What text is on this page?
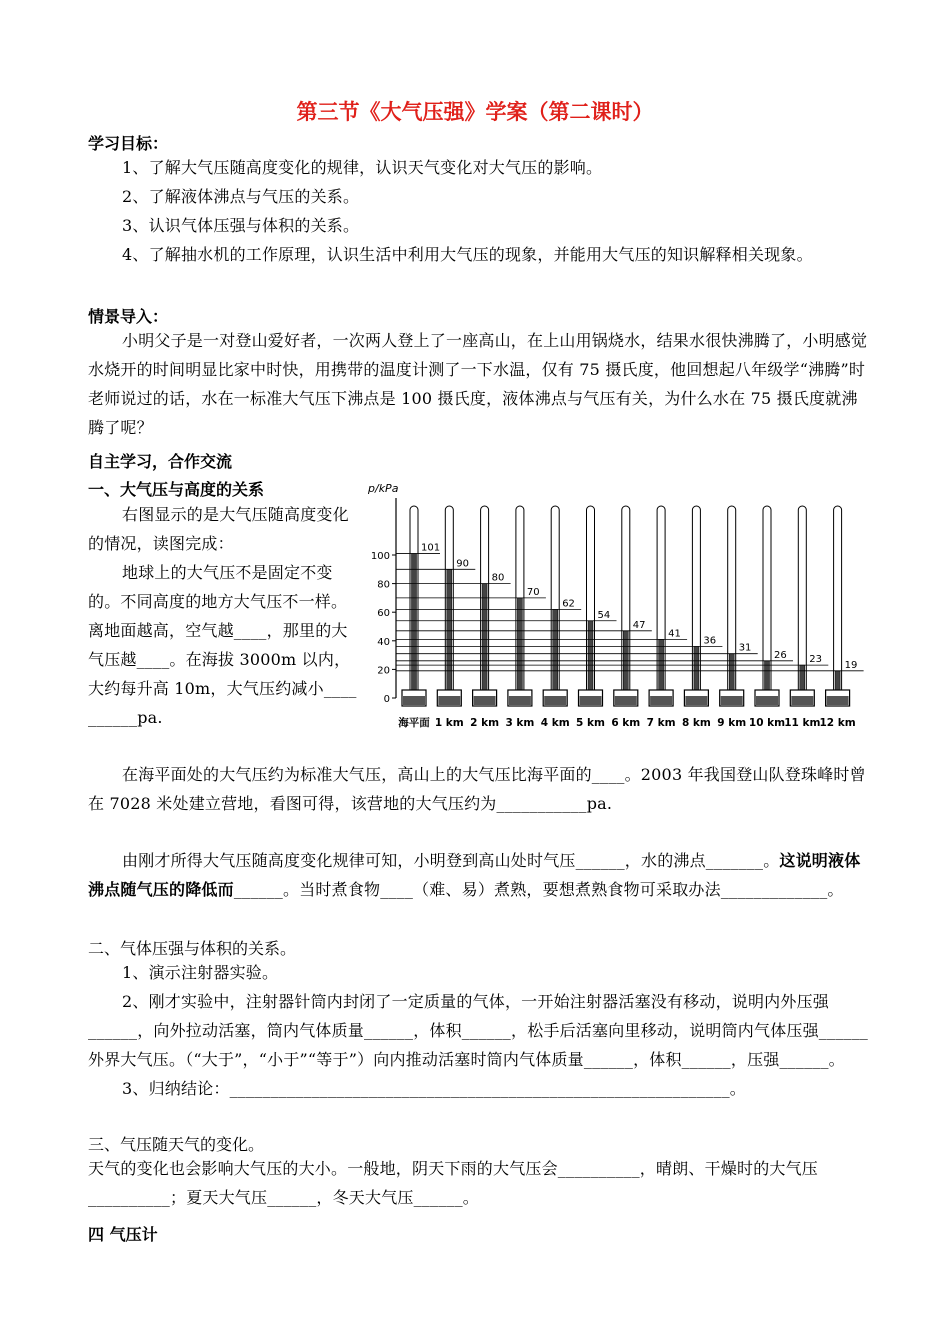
第三节《大气压强》学案（第二课时）
学习目标：
1、了解大气压随高度变化的规律，认识天气变化对大气压的影响。
2、了解液体沸点与气压的关系。
3、认识气体压强与体积的关系。
4、了解抽水机的工作原理，认识生活中利用大气压的现象，并能用大气压的知识解释相关现象。
情景导入：
小明父子是一对登山爱好者，一次两人登上了一座高山，在上山用锅烧水，结果水很快沸腾了，小明感觉水烧开的时间明显比家中时快，用携带的温度计测了一下水温，仅有 75 摄氏度，他回想起八年级学“沸腾”时老师说过的话，水在一标准大气压下沸点是 100 摄氏度，液体沸点与气压有关，为什么水在 75 摄氏度就沸腾了呢？
自主学习，合作交流
一、大气压与高度的关系
右图显示的是大气压随高度变化的情况，读图完成：
地球上的大气压不是固定不变的。不同高度的地方大气压不一样。离地面越高，空气越____，那里的大气压越____。在海拔 3000m 以内，大约每升高 10m，大气压约减小__________pa.
p/kPa
0
20
40
60
80
100
101
海平面
90
1 km
80
2 km
70
3 km
62
4 km
54
5 km
47
6 km
41
7 km
36
8 km
31
9 km
26
10 km
23
11 km
19
12 km
在海平面处的大气压约为标准大气压，高山上的大气压比海平面的____。2003 年我国登山队登珠峰时曾在 7028 米处建立营地，看图可得，该营地的大气压约为___________pa.
由刚才所得大气压随高度变化规律可知，小明登到高山处时气压______，水的沸点_______。这说明液体沸点随气压的降低而______。当时煮食物____（难、易）煮熟，要想煮熟食物可采取办法_____________。
二、气体压强与体积的关系。
1、演示注射器实验。
2、刚才实验中，注射器针筒内封闭了一定质量的气体，一开始注射器活塞没有移动，说明内外压强______，向外拉动活塞，筒内气体质量______，体积______，松手后活塞向里移动，说明筒内气体压强______外界大气压。（“大于”，“小于”“等于”）向内推动活塞时筒内气体质量______，体积______，压强______。
3、归纳结论：_____________________________________________________________。
三、气压随天气的变化。
天气的变化也会影响大气压的大小。一般地，阴天下雨的大气压会__________，晴朗、干燥时的大气压__________；夏天大气压______，冬天大气压______。
四 气压计
